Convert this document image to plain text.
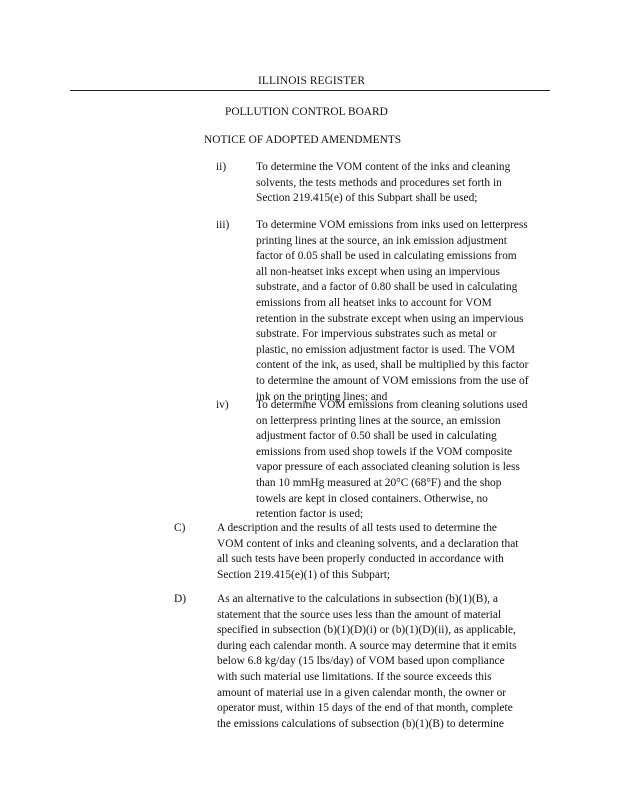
ILLINOIS REGISTER
POLLUTION CONTROL BOARD
NOTICE OF ADOPTED AMENDMENTS
ii)	To determine the VOM content of the inks and cleaning
solvents, the tests methods and procedures set forth in
Section 219.415(e) of this Subpart shall be used;
iii) To determine VOM emissions from inks used on letterpress
printing lines at the source, an ink emission adjustment
factor of 0.05 shall be used in calculating emissions from
all non-heatset inks except when using an impervious
substrate, and a factor of 0.80 shall be used in calculating
emissions from all heatset inks to account for VOM
retention in the substrate except when using an impervious
substrate. For impervious substrates such as metal or
plastic, no emission adjustment factor is used. The VOM
content of the ink, as used, shall be multiplied by this factor
to determine the amount of VOM emissions from the use of
ink on the printing lines; and
iv) To determine VOM emissions from cleaning solutions used
on letterpress printing lines at the source, an emission
adjustment factor of 0.50 shall be used in calculating
emissions from used shop towels if the VOM composite
vapor pressure of each associated cleaning solution is less
than 10 mmHg measured at 20°C (68°F) and the shop
towels are kept in closed containers. Otherwise, no
retention factor is used;
C)	A description and the results of all tests used to determine the
VOM content of inks and cleaning solvents, and a declaration that
all such tests have been properly conducted in accordance with
Section 219.415(e)(1) of this Subpart;
D)	As an alternative to the calculations in subsection (b)(1)(B), a
statement that the source uses less than the amount of material
specified in subsection (b)(1)(D)(i) or (b)(1)(D)(ii), as applicable,
during each calendar month. A source may determine that it emits
below 6.8 kg/day (15 lbs/day) of VOM based upon compliance
with such material use limitations. If the source exceeds this
amount of material use in a given calendar month, the owner or
operator must, within 15 days of the end of that month, complete
the emissions calculations of subsection (b)(1)(B) to determine
